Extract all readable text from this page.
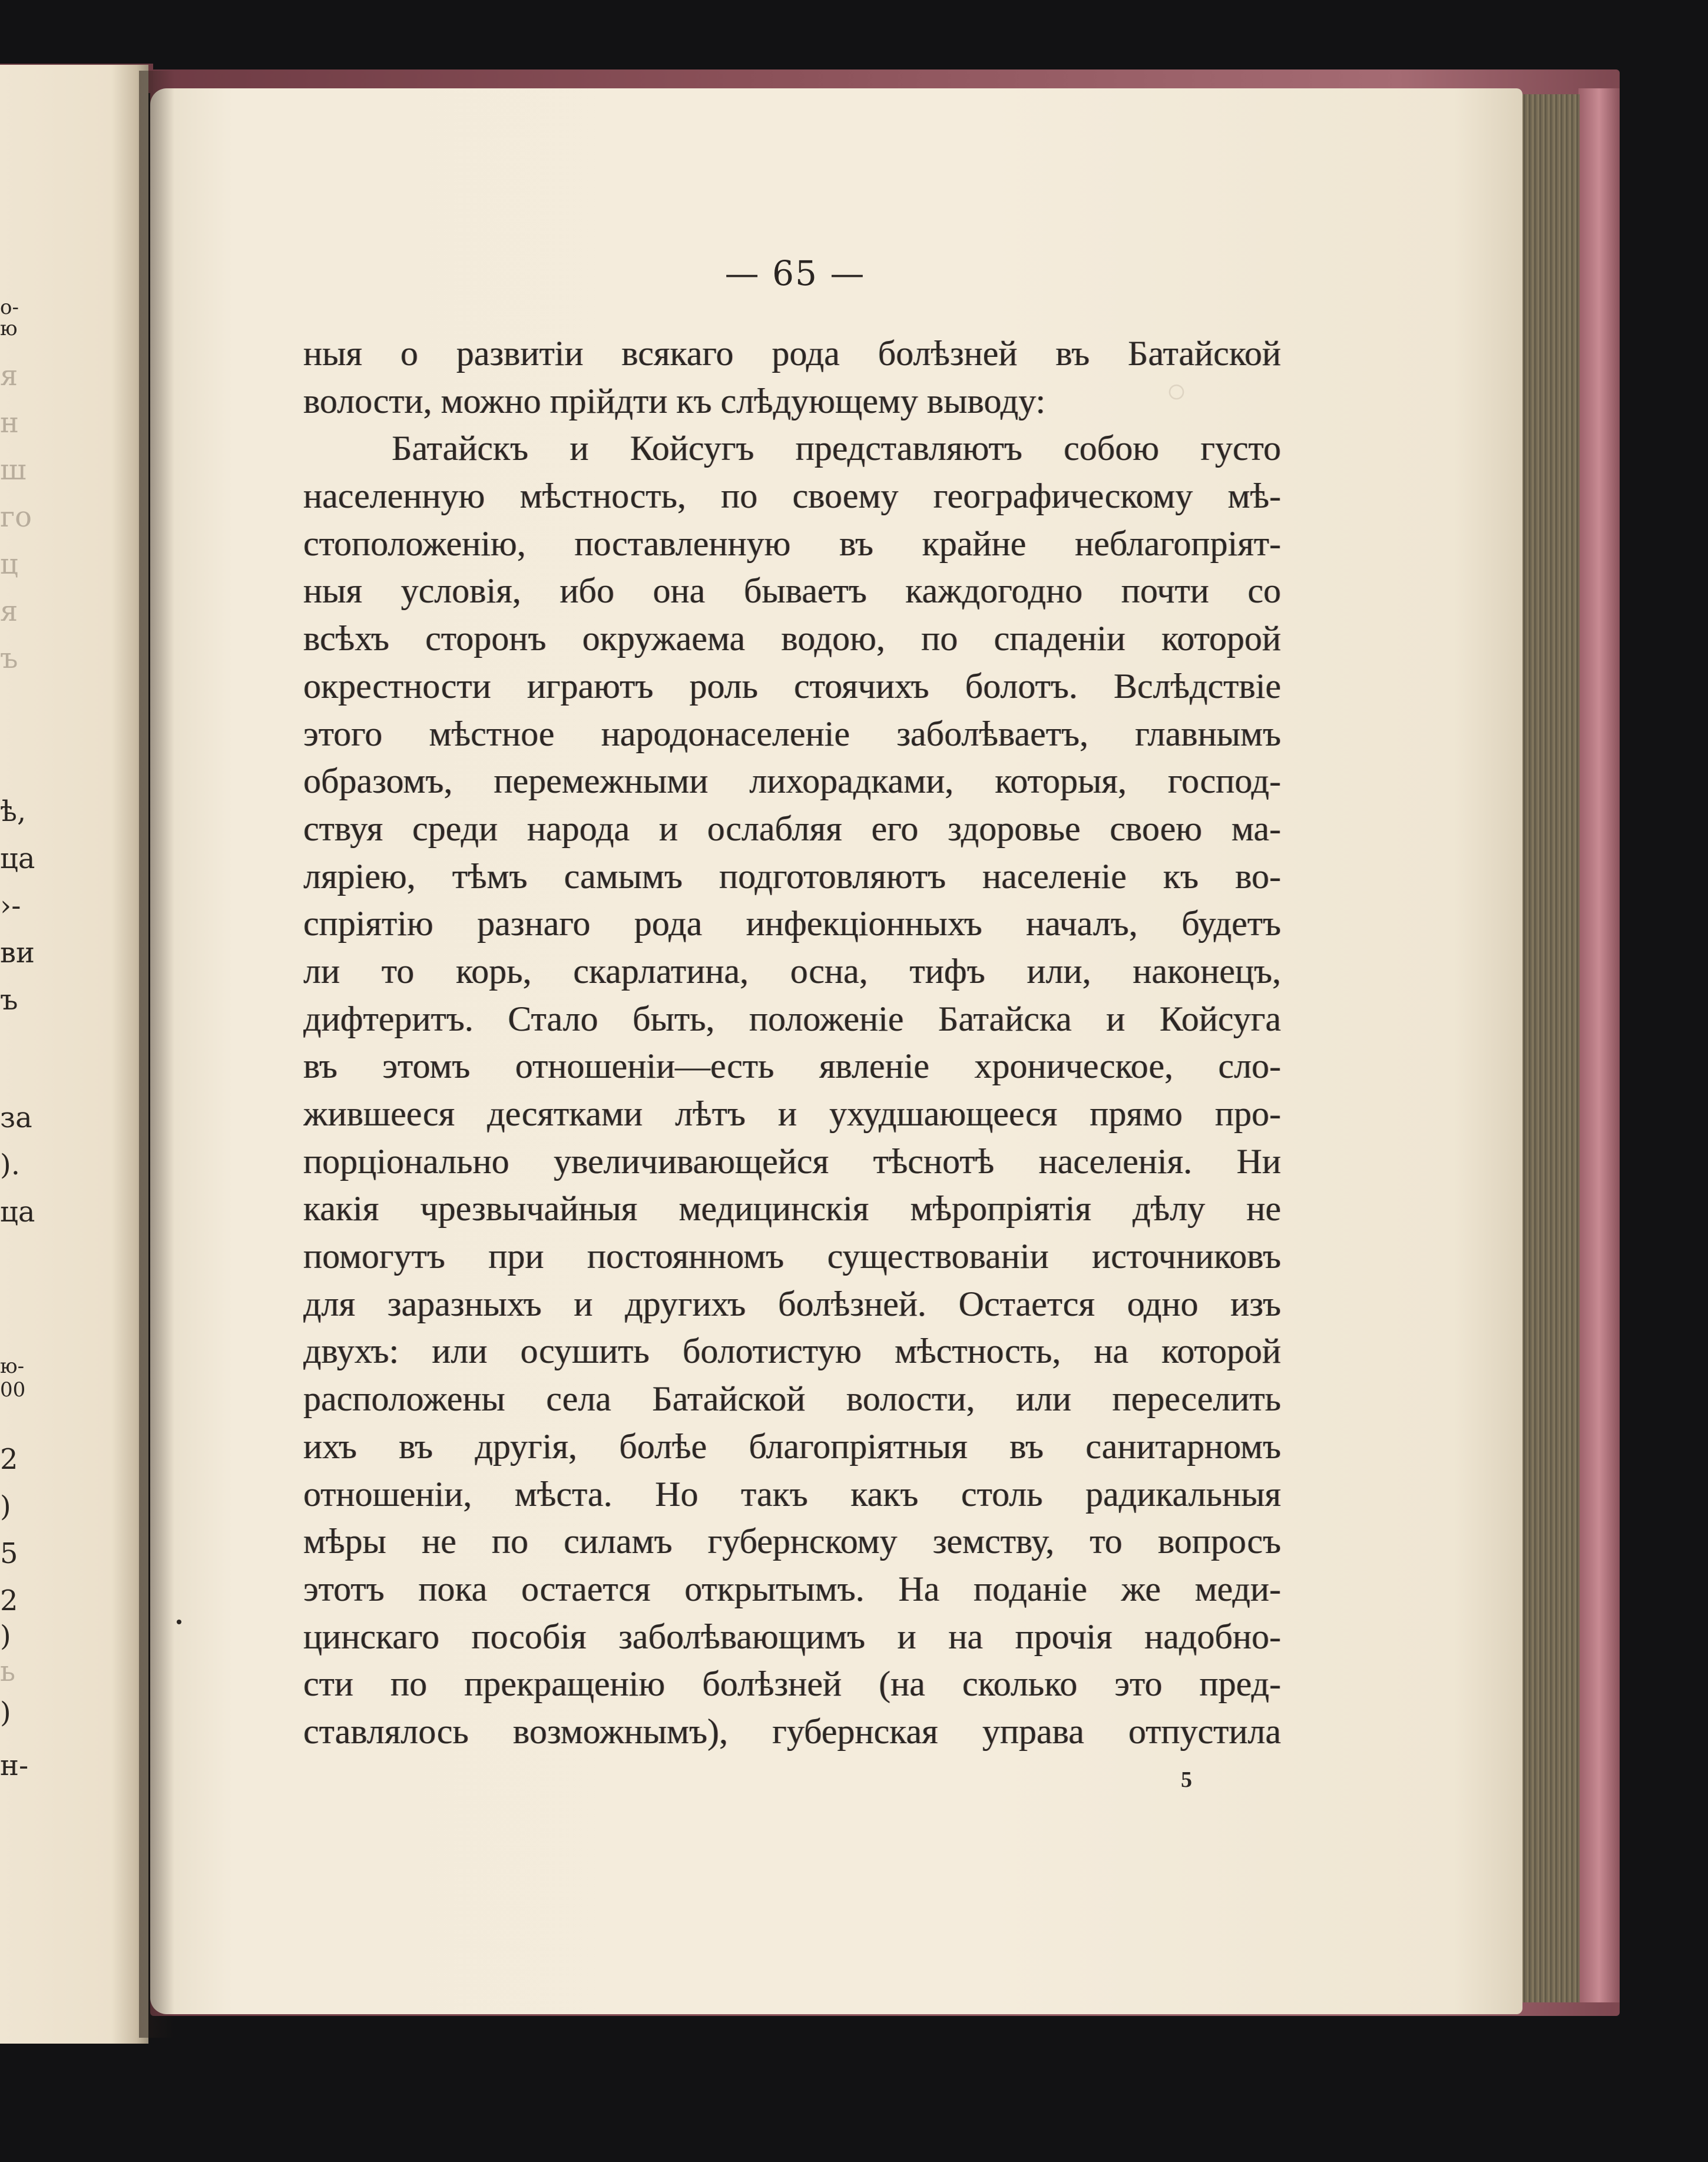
о-
ю
я
н
ш
го
ц
я
ъ
ѣ,
ца
›-
ви
ъ
за
).
ца
ю-
00
2
)
5
2
)
ь
)
н-
○
— 65 —
ныя о развитіи всякаго рода болѣзней въ Батайской
волости, можно прійдти къ слѣдующему выводу:
Батайскъ и Койсугъ представляютъ собою густо
населенную мѣстность, по своему географическому мѣ-
стоположенію, поставленную въ крайне неблагопріят-
ныя условія, ибо она бываетъ каждогодно почти со
всѣхъ сторонъ окружаема водою, по спаденіи которой
окрестности играютъ роль стоячихъ болотъ. Вслѣдствіе
этого мѣстное народонаселеніе заболѣваетъ, главнымъ
образомъ, перемежными лихорадками, которыя, господ-
ствуя среди народа и ослабляя его здоровье своею ма-
ляріею, тѣмъ самымъ подготовляютъ населеніе къ во-
спріятію разнаго рода инфекціонныхъ началъ, будетъ
ли то корь, скарлатина, осна, тифъ или, наконецъ,
дифтеритъ. Стало быть, положеніе Батайска и Койсуга
въ этомъ отношеніи—есть явленіе хроническое, сло-
жившееся десятками лѣтъ и ухудшающееся прямо про-
порціонально увеличивающейся тѣснотѣ населенія. Ни
какія чрезвычайныя медицинскія мѣропріятія дѣлу не
помогутъ при постоянномъ существованіи источниковъ
для заразныхъ и другихъ болѣзней. Остается одно изъ
двухъ: или осушить болотистую мѣстность, на которой
расположены села Батайской волости, или переселить
ихъ въ другія, болѣе благопріятныя въ санитарномъ
отношеніи, мѣста. Но такъ какъ столь радикальныя
мѣры не по силамъ губернскому земству, то вопросъ
этотъ пока остается открытымъ. На поданіе же меди-
цинскаго пособія заболѣвающимъ и на прочія надобно-
сти по прекращенію болѣзней (на сколько это пред-
ставлялось возможнымъ), губернская управа отпустила
5
